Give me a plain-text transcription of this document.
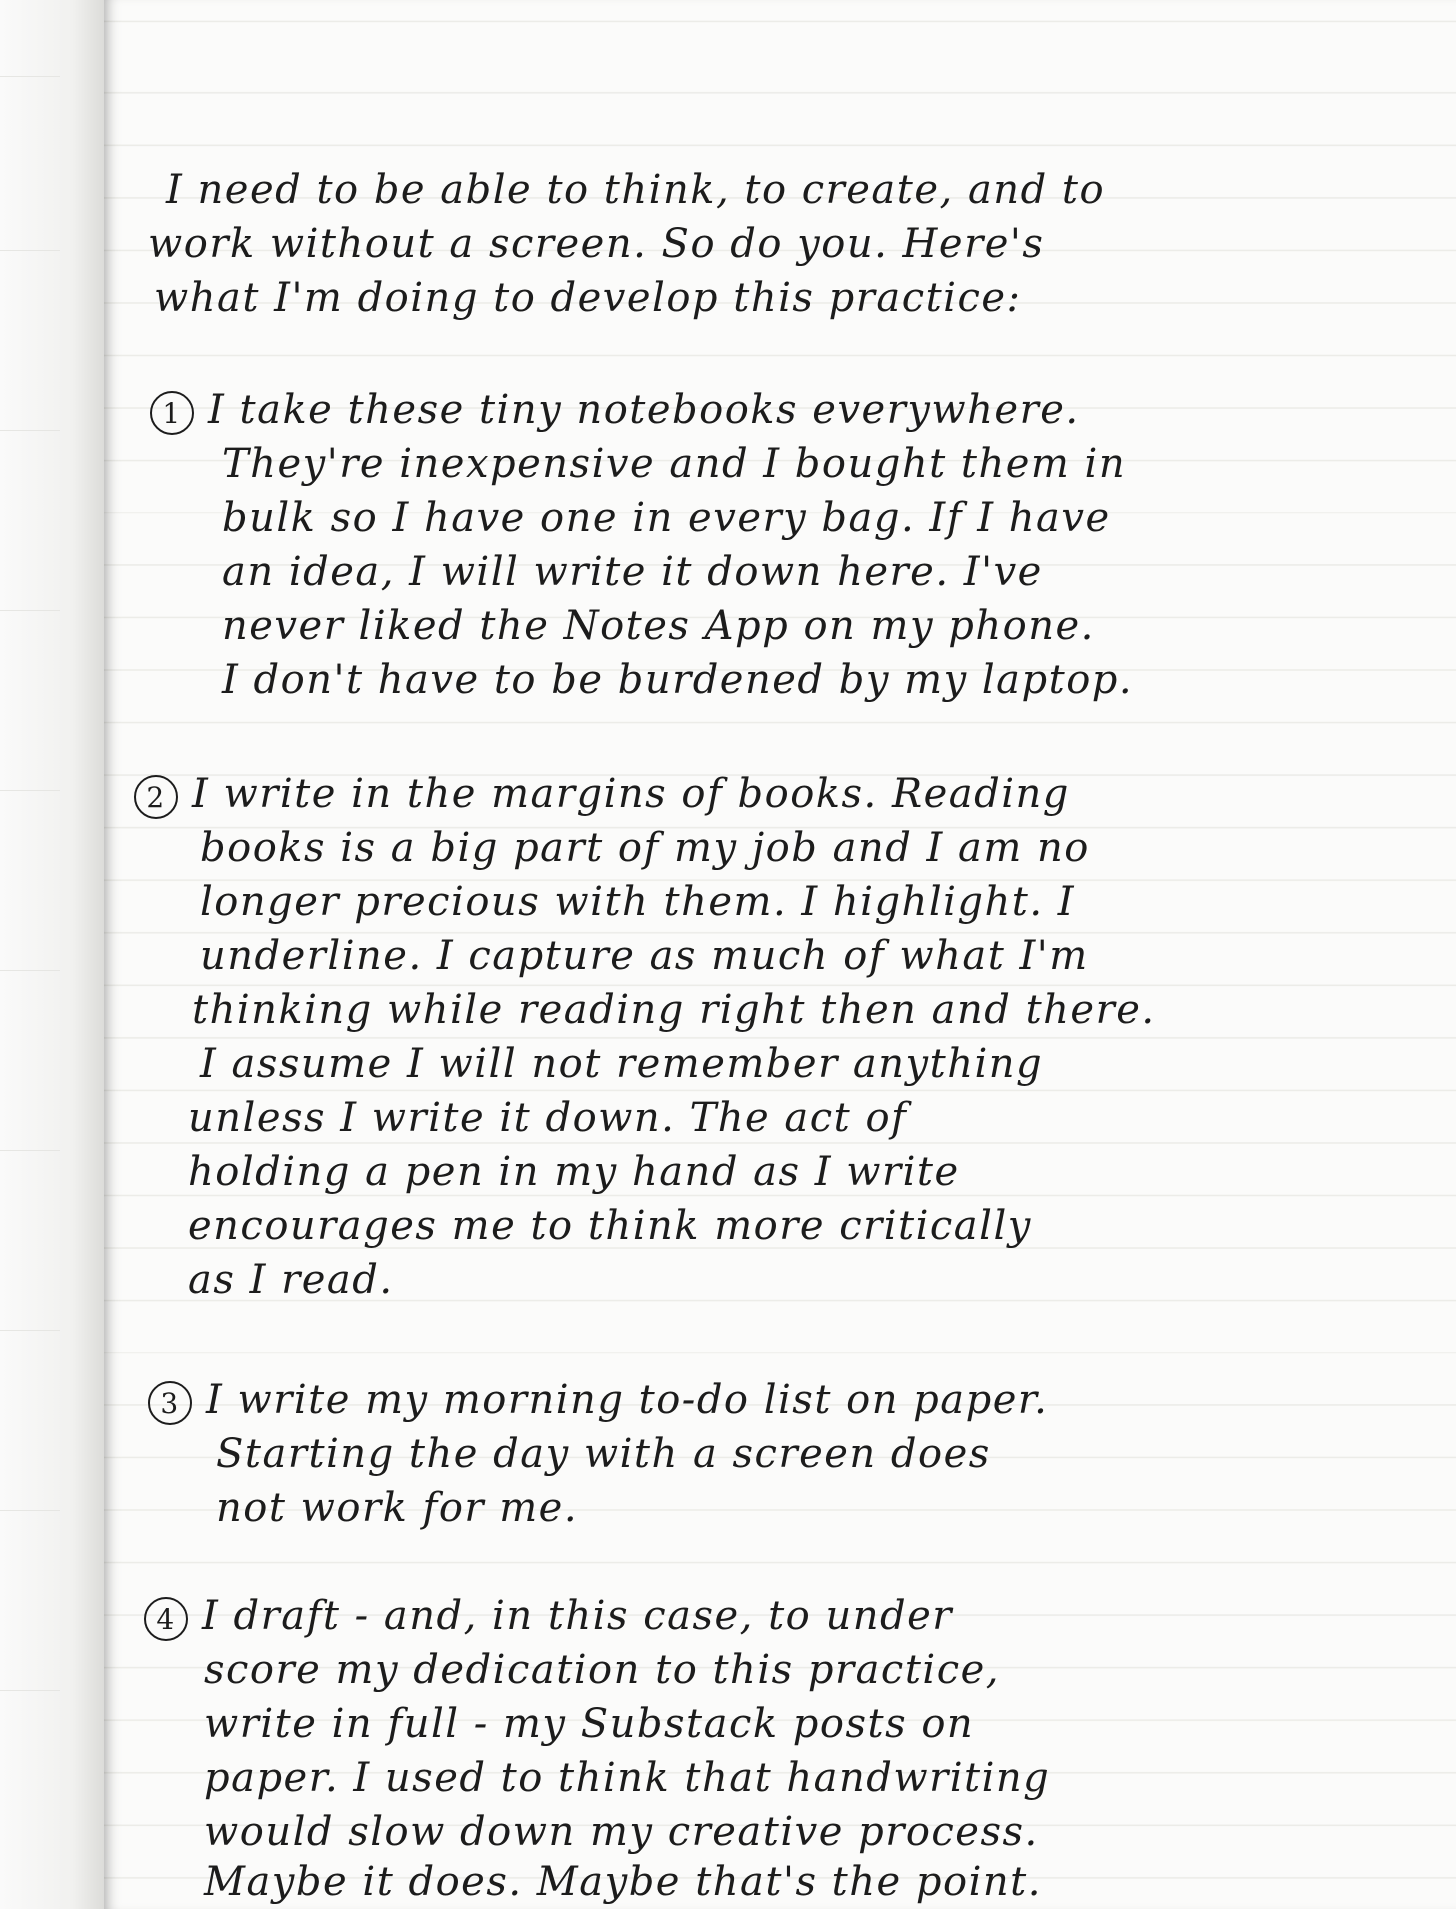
I need to be able to think, to create, and to
work without a screen. So do you. Here's
what I'm doing to develop this practice:
1 I take these tiny notebooks everywhere.
They're inexpensive and I bought them in
bulk so I have one in every bag. If I have
an idea, I will write it down here. I've
never liked the Notes App on my phone.
I don't have to be burdened by my laptop.
2 I write in the margins of books. Reading
books is a big part of my job and I am no
longer precious with them. I highlight. I
underline. I capture as much of what I'm
thinking while reading right then and there.
I assume I will not remember anything
unless I write it down. The act of
holding a pen in my hand as I write
encourages me to think more critically
as I read.
3 I write my morning to-do list on paper.
Starting the day with a screen does
not work for me.
4 I draft - and, in this case, to under
score my dedication to this practice,
write in full - my Substack posts on
paper. I used to think that handwriting
would slow down my creative process.
Maybe it does. Maybe that's the point.
